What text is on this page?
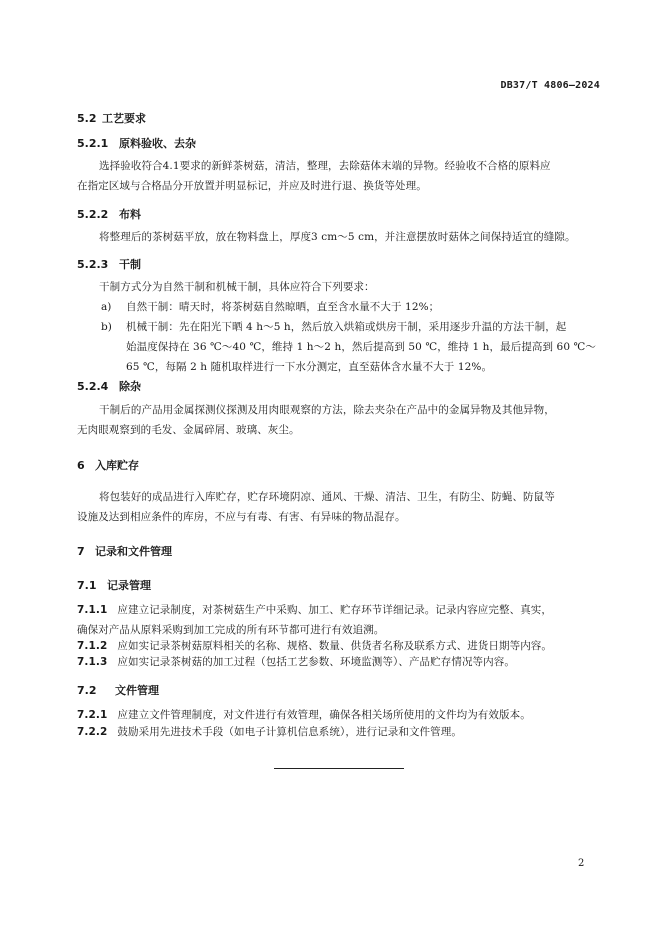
DB37/T 4806—2024
5.2 工艺要求
5.2.1 原料验收、去杂
选择验收符合4.1要求的新鲜茶树菇，清洁，整理，去除菇体末端的异物。经验收不合格的原料应
在指定区域与合格品分开放置并明显标记，并应及时进行退、换货等处理。
5.2.2 布料
将整理后的茶树菇平放，放在物料盘上，厚度3 cm～5 cm，并注意摆放时菇体之间保持适宜的缝隙。
5.2.3 干制
干制方式分为自然干制和机械干制，具体应符合下列要求：
a) 自然干制：晴天时，将茶树菇自然晾晒，直至含水量不大于 12%；
b) 机械干制：先在阳光下晒 4 h～5 h，然后放入烘箱或烘房干制，采用逐步升温的方法干制，起
始温度保持在 36 ℃～40 ℃，维持 1 h～2 h，然后提高到 50 ℃，维持 1 h，最后提高到 60 ℃～
65 ℃，每隔 2 h 随机取样进行一下水分测定，直至菇体含水量不大于 12%。
5.2.4 除杂
干制后的产品用金属探测仪探测及用肉眼观察的方法，除去夹杂在产品中的金属异物及其他异物，
无肉眼观察到的毛发、金属碎屑、玻璃、灰尘。
6 入库贮存
将包装好的成品进行入库贮存，贮存环境阴凉、通风、干燥、清洁、卫生，有防尘、防蝇、防鼠等
设施及达到相应条件的库房，不应与有毒、有害、有异味的物品混存。
7 记录和文件管理
7.1 记录管理
7.1.1 应建立记录制度，对茶树菇生产中采购、加工、贮存环节详细记录。记录内容应完整、真实，
确保对产品从原料采购到加工完成的所有环节都可进行有效追溯。
7.1.2 应如实记录茶树菇原料相关的名称、规格、数量、供货者名称及联系方式、进货日期等内容。
7.1.3 应如实记录茶树菇的加工过程（包括工艺参数、环境监测等）、产品贮存情况等内容。
7.2 文件管理
7.2.1 应建立文件管理制度，对文件进行有效管理，确保各相关场所使用的文件均为有效版本。
7.2.2 鼓励采用先进技术手段（如电子计算机信息系统），进行记录和文件管理。
2
